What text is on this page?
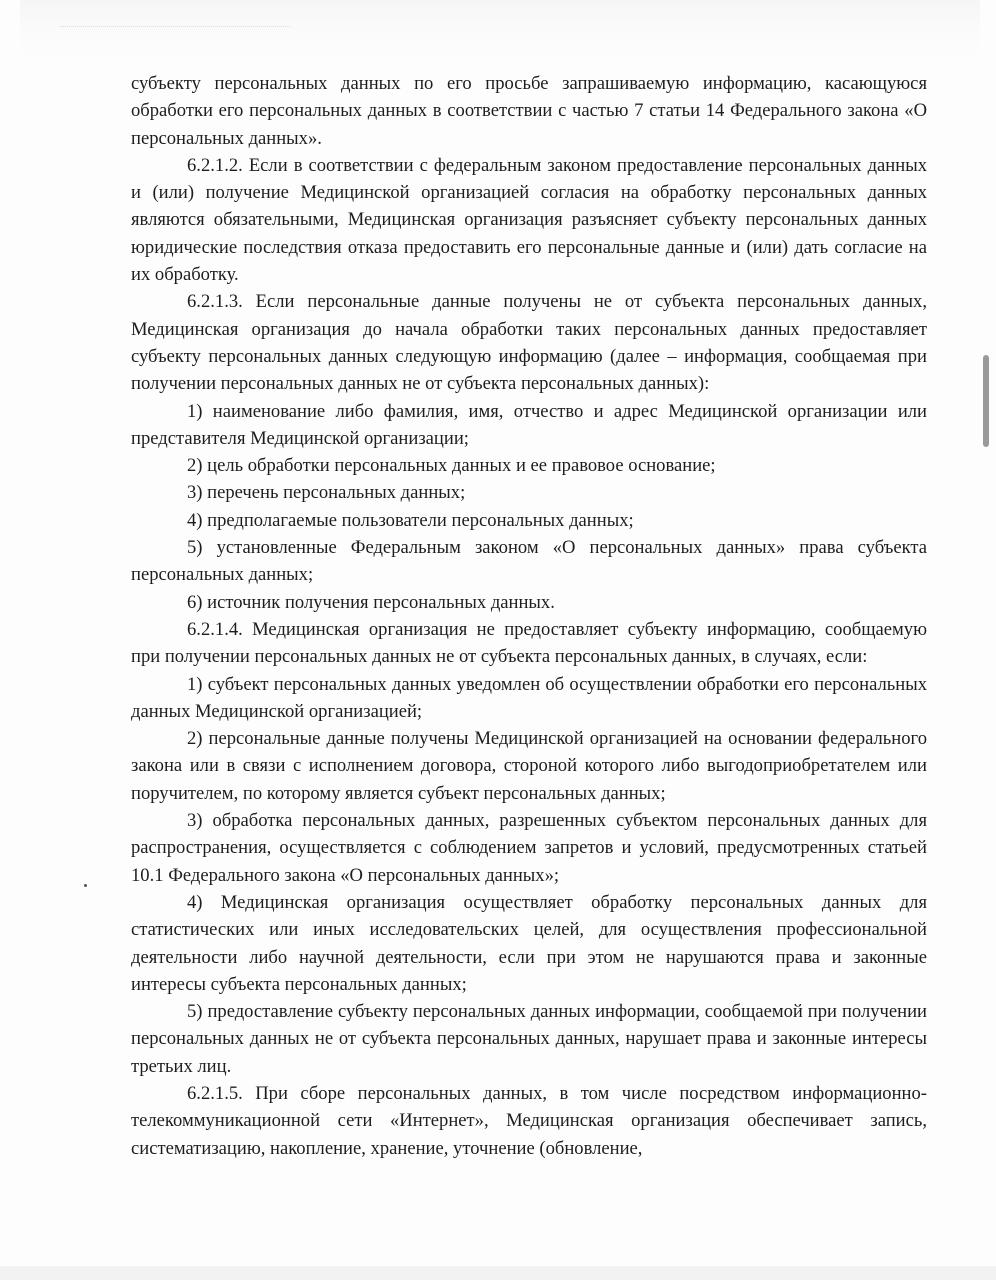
субъекту персональных данных по его просьбе запрашиваемую информацию, касающуюся обработки его персональных данных в соответствии с частью 7 статьи 14 Федерального закона «О персональных данных».

6.2.1.2. Если в соответствии с федеральным законом предоставление персональных данных и (или) получение Медицинской организацией согласия на обработку персональных данных являются обязательными, Медицинская организация разъясняет субъекту персональных данных юридические последствия отказа предоставить его персональные данные и (или) дать согласие на их обработку.

6.2.1.3. Если персональные данные получены не от субъекта персональных данных, Медицинская организация до начала обработки таких персональных данных предоставляет субъекту персональных данных следующую информацию (далее – информация, сообщаемая при получении персональных данных не от субъекта персональных данных):

1) наименование либо фамилия, имя, отчество и адрес Медицинской организации или представителя Медицинской организации;

2) цель обработки персональных данных и ее правовое основание;

3) перечень персональных данных;

4) предполагаемые пользователи персональных данных;

5) установленные Федеральным законом «О персональных данных» права субъекта персональных данных;

6) источник получения персональных данных.

6.2.1.4. Медицинская организация не предоставляет субъекту информацию, сообщаемую при получении персональных данных не от субъекта персональных данных, в случаях, если:

1) субъект персональных данных уведомлен об осуществлении обработки его персональных данных Медицинской организацией;

2) персональные данные получены Медицинской организацией на основании федерального закона или в связи с исполнением договора, стороной которого либо выгодоприобретателем или поручителем, по которому является субъект персональных данных;

3) обработка персональных данных, разрешенных субъектом персональных данных для распространения, осуществляется с соблюдением запретов и условий, предусмотренных статьей 10.1 Федерального закона «О персональных данных»;

4) Медицинская организация осуществляет обработку персональных данных для статистических или иных исследовательских целей, для осуществления профессиональной деятельности либо научной деятельности, если при этом не нарушаются права и законные интересы субъекта персональных данных;

5) предоставление субъекту персональных данных информации, сообщаемой при получении персональных данных не от субъекта персональных данных, нарушает права и законные интересы третьих лиц.

6.2.1.5. При сборе персональных данных, в том числе посредством информационно-телекоммуникационной сети «Интернет», Медицинская организация обеспечивает запись, систематизацию, накопление, хранение, уточнение (обновление,
